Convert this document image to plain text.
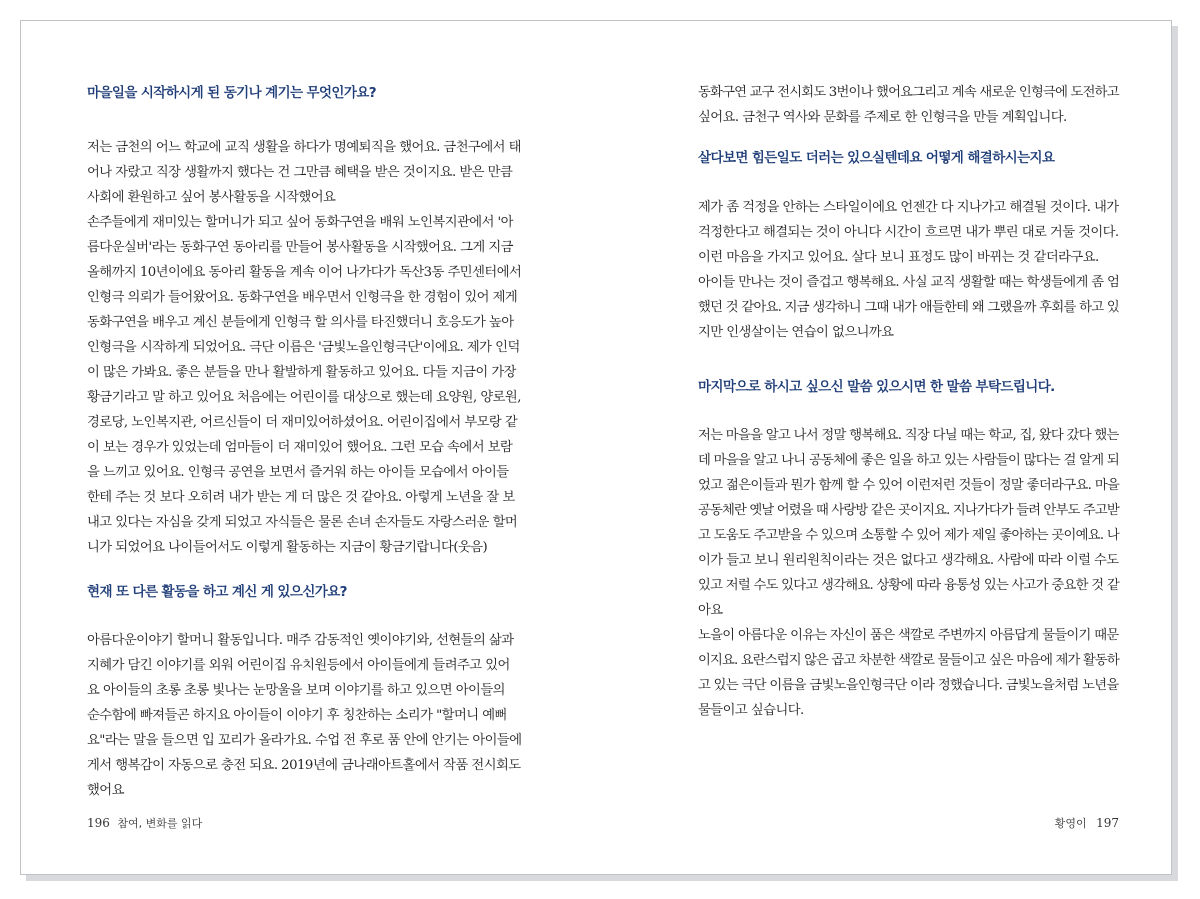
마을일을 시작하시게 된 동기나 계기는 무엇인가요?

저는 금천의 어느 학교에 교직 생활을 하다가 명예퇴직을 했어요. 금천구에서 태
어나 자랐고 직장 생활까지 했다는 건 그만큼 혜택을 받은 것이지요. 받은 만큼
사회에 환원하고 싶어 봉사활동을 시작했어요
손주들에게 재미있는 할머니가 되고 싶어 동화구연을 배워 노인복지관에서 '아
름다운실버'라는 동화구연 동아리를 만들어 봉사활동을 시작했어요. 그게 지금
올해까지 10년이에요 동아리 활동을 계속 이어 나가다가 독산3동 주민센터에서
인형극 의뢰가 들어왔어요. 동화구연을 배우면서 인형극을 한 경험이 있어 제게
동화구연을 배우고 계신 분들에게 인형극 할 의사를 타진했더니 호응도가 높아
인형극을 시작하게 되었어요. 극단 이름은 '금빛노을인형극단'이에요. 제가 인덕
이 많은 가봐요. 좋은 분들을 만나 활발하게 활동하고 있어요. 다들 지금이 가장
황금기라고 말 하고 있어요 처음에는 어린이를 대상으로 했는데 요양원, 양로원,
경로당, 노인복지관, 어르신들이 더 재미있어하셨어요. 어린이집에서 부모랑 같
이 보는 경우가 있었는데 엄마들이 더 재미있어 했어요. 그런 모습 속에서 보람
을 느끼고 있어요. 인형극 공연을 보면서 즐거워 하는 아이들 모습에서 아이들
한테 주는 것 보다 오히려 내가 받는 게 더 많은 것 같아요. 아렇게 노년을 잘 보
내고 있다는 자심을 갖게 되었고 자식들은 물론 손녀 손자들도 자랑스러운 할머
니가 되었어요 나이들어서도 이렇게 활동하는 지금이 황금기랍니다(웃음)

현재 또 다른 활동을 하고 계신 게 있으신가요?

아름다운이야기 할머니 활동입니다. 매주 감동적인 옛이야기와, 선현들의 삶과
지혜가 담긴 이야기를 외워 어린이집 유치원등에서 아이들에게 들려주고 있어
요 아이들의 초롱 초롱 빛나는 눈망울을 보며 이야기를 하고 있으면 아이들의
순수함에 빠져들곤 하지요 아이들이 이야기 후 칭찬하는 소리가 "할머니 예뻐
요"라는 말을 들으면 입 꼬리가 올라가요. 수업 전 후로 품 안에 안기는 아이들에
게서 행복감이 자동으로 충전 되요. 2019년에 금나래아트홀에서 작품 전시회도
했어요
196 참여, 변화를 읽다
동화구연 교구 전시회도 3번이나 했어요그리고 계속 새로운 인형극에 도전하고
싶어요. 금천구 역사와 문화를 주제로 한 인형극을 만들 계획입니다.

살다보면 힘든일도 더러는 있으실텐데요 어떻게 해결하시는지요

제가 좀 걱정을 안하는 스타일이에요 언젠간 다 지나가고 해결될 것이다. 내가
걱정한다고 해결되는 것이 아니다 시간이 흐르면 내가 뿌린 대로 거둘 것이다.
이런 마음을 가지고 있어요. 살다 보니 표정도 많이 바뀌는 것 같더라구요.
아이들 만나는 것이 즐겁고 행복해요. 사실 교직 생활할 때는 학생들에게 좀 엄
했던 것 같아요. 지금 생각하니 그때 내가 애들한테 왜 그랬을까 후회를 하고 있
지만 인생살이는 연습이 없으니까요

마지막으로 하시고 싶으신 말씀 있으시면 한 말씀 부탁드립니다.

저는 마을을 알고 나서 정말 행복해요. 직장 다닐 때는 학교, 집, 왔다 갔다 했는
데 마을을 알고 나니 공동체에 좋은 일을 하고 있는 사람들이 많다는 걸 알게 되
었고 젊은이들과 뭔가 함께 할 수 있어 이런저런 것들이 정말 좋더라구요. 마을
공동체란 옛날 어렸을 때 사랑방 같은 곳이지요. 지나가다가 들려 안부도 주고받
고 도움도 주고받을 수 있으며 소통할 수 있어 제가 제일 좋아하는 곳이예요. 나
이가 들고 보니 원리원칙이라는 것은 없다고 생각해요. 사람에 따라 이럴 수도
있고 저럴 수도 있다고 생각해요. 상황에 따라 융통성 있는 사고가 중요한 것 같
아요
노을이 아름다운 이유는 자신이 품은 색깔로 주변까지 아름답게 물들이기 때문
이지요. 요란스럽지 않은 곱고 차분한 색깔로 물들이고 싶은 마음에 제가 활동하
고 있는 극단 이름을 금빛노을인형극단 이라 정했습니다. 금빛노을처럼 노년을
물들이고 싶습니다.
황영이 197
